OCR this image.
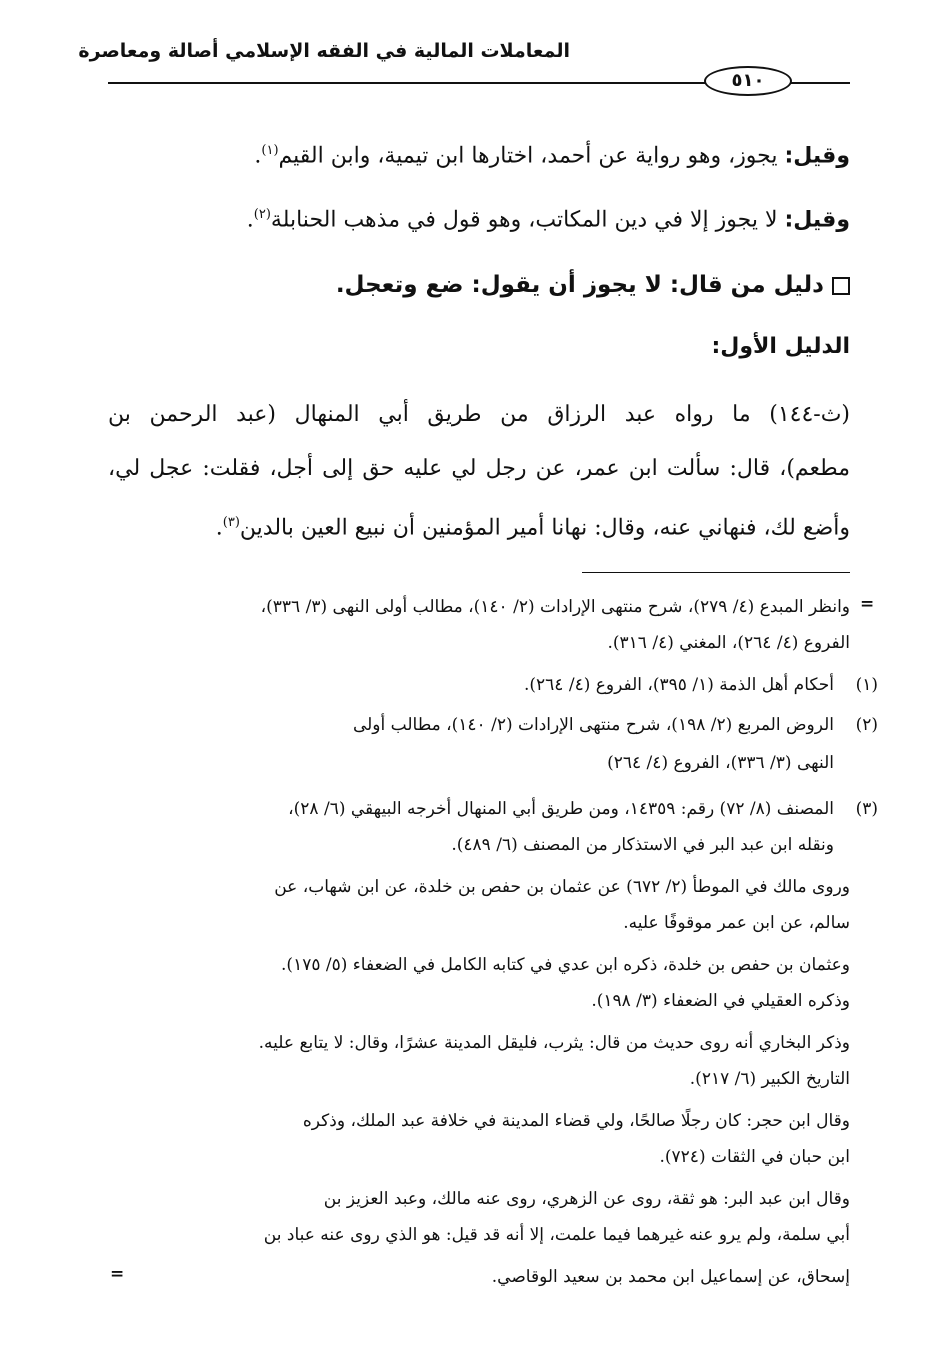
المعاملات المالية في الفقه الإسلامي أصالة ومعاصرة
٥١٠
وقيل: يجوز، وهو رواية عن أحمد، اختارها ابن تيمية، وابن القيم$^{(١)}$.
وقيل: لا يجوز إلا في دين المكاتب، وهو قول في مذهب الحنابلة$^{(٢)}$.
دليل من قال: لا يجوز أن يقول: ضع وتعجل.
الدليل الأول:
(ث-١٤٤) ما رواه عبد الرزاق من طريق أبي المنهال (عبد الرحمن بن
مطعم)، قال: سألت ابن عمر، عن رجل لي عليه حق إلى أجل، فقلت: عجل لي،
وأضع لك، فنهاني عنه، وقال: نهانا أمير المؤمنين أن نبيع العين بالدين$^{(٣)}$.
=
وانظر المبدع (٤/ ٢٧٩)، شرح منتهى الإرادات (٢/ ١٤٠)، مطالب أولى النهى (٣/ ٣٣٦)،
الفروع (٤/ ٢٦٤)، المغني (٤/ ٣١٦).
(١)
أحكام أهل الذمة (١/ ٣٩٥)، الفروع (٤/ ٢٦٤).
(٢)
الروض المربع (٢/ ١٩٨)، شرح منتهى الإرادات (٢/ ١٤٠)، مطالب أولى
النهى (٣/ ٣٣٦)، الفروع (٤/ ٢٦٤)
(٣)
المصنف (٨/ ٧٢) رقم: ١٤٣٥٩، ومن طريق أبي المنهال أخرجه البيهقي (٦/ ٢٨)،
ونقله ابن عبد البر في الاستذكار من المصنف (٦/ ٤٨٩).
وروى مالك في الموطأ (٢/ ٦٧٢) عن عثمان بن حفص بن خلدة، عن ابن شهاب، عن
سالم، عن ابن عمر موقوفًا عليه.
وعثمان بن حفص بن خلدة، ذكره ابن عدي في كتابه الكامل في الضعفاء (٥/ ١٧٥).
وذكره العقيلي في الضعفاء (٣/ ١٩٨).
وذكر البخاري أنه روى حديث من قال: يثرب، فليقل المدينة عشرًا، وقال: لا يتابع عليه.
التاريخ الكبير (٦/ ٢١٧).
وقال ابن حجر: كان رجلًا صالحًا، ولي قضاء المدينة في خلافة عبد الملك، وذكره
ابن حبان في الثقات (٧٢٤).
وقال ابن عبد البر: هو ثقة، روى عن الزهري، روى عنه مالك، وعبد العزيز بن
أبي سلمة، ولم يرو عنه غيرهما فيما علمت، إلا أنه قد قيل: هو الذي روى عنه عباد بن
إسحاق، عن إسماعيل ابن محمد بن سعيد الوقاصي.
=
